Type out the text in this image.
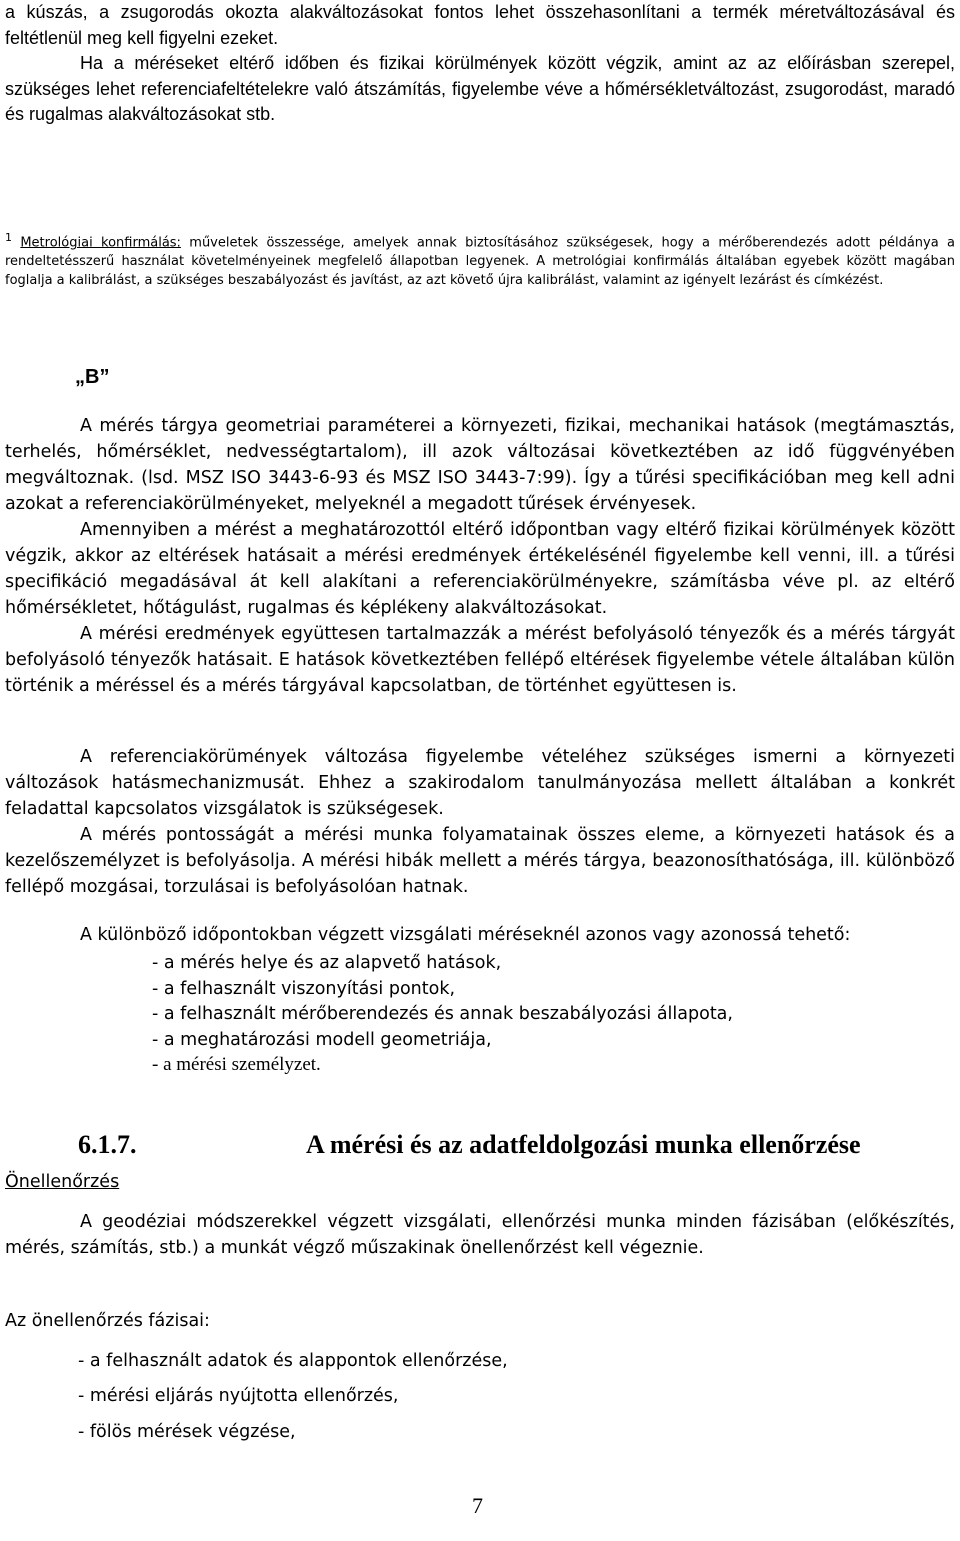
a kúszás, a zsugorodás okozta alakváltozásokat fontos lehet összehasonlítani a termék méretváltozásával és feltétlenül meg kell figyelni ezeket.

Ha a méréseket eltérő időben és fizikai körülmények között végzik, amint az az előírásban szerepel, szükséges lehet referenciafeltételekre való átszámítás, figyelembe véve a hőmérsékletváltozást, zsugorodást, maradó és rugalmas alakváltozásokat stb.

$^1$ Metrológiai konfirmálás: műveletek összessége, amelyek annak biztosításához szükségesek, hogy a mérőberendezés adott példánya a rendeltetésszerű használat követelményeinek megfelelő állapotban legyenek. A metrológiai konfirmálás általában egyebek között magában foglalja a kalibrálást, a szükséges beszabályozást és javítást, az azt követő újra kalibrálást, valamint az igényelt lezárást és címkézést.

„B”

A mérés tárgya geometriai paraméterei a környezeti, fizikai, mechanikai hatások (megtámasztás, terhelés, hőmérséklet, nedvességtartalom), ill azok változásai következtében az idő függvényében megváltoznak. (lsd. MSZ ISO 3443-6-93 és MSZ ISO 3443-7:99). Így a tűrési specifikációban meg kell adni azokat a referenciakörülményeket, melyeknél a megadott tűrések érvényesek.

Amennyiben a mérést a meghatározottól eltérő időpontban vagy eltérő fizikai körülmények között végzik, akkor az eltérések hatásait a mérési eredmények értékelésénél figyelembe kell venni, ill. a tűrési specifikáció megadásával át kell alakítani a referenciakörülményekre, számításba véve pl. az eltérő hőmérsékletet, hőtágulást, rugalmas és képlékeny alakváltozásokat.

A mérési eredmények együttesen tartalmazzák a mérést befolyásoló tényezők és a mérés tárgyát befolyásoló tényezők hatásait. E hatások következtében fellépő eltérések figyelembe vétele általában külön történik a méréssel és a mérés tárgyával kapcsolatban, de történhet együttesen is.

A referenciakörümények változása figyelembe vételéhez szükséges ismerni a környezeti változások hatásmechanizmusát. Ehhez a szakirodalom tanulmányozása mellett általában a konkrét feladattal kapcsolatos vizsgálatok is szükségesek.

A mérés pontosságát a mérési munka folyamatainak összes eleme, a környezeti hatások és a kezelőszemélyzet is befolyásolja. A mérési hibák mellett a mérés tárgya, beazonosíthatósága, ill. különböző fellépő mozgásai, torzulásai is befolyásolóan hatnak.

A különböző időpontokban végzett vizsgálati méréseknél azonos vagy azonossá tehető:

- a mérés helye és az alapvető hatások,
- a felhasznált viszonyítási pontok,
- a felhasznált mérőberendezés és annak beszabályozási állapota,
- a meghatározási modell geometriája,
- a mérési személyzet.
6.1.7.	A mérési és az adatfeldolgozási munka ellenőrzése
Önellenőrzés

A geodéziai módszerekkel végzett vizsgálati, ellenőrzési munka minden fázisában (előkészítés, mérés, számítás, stb.) a munkát végző műszakinak önellenőrzést kell végeznie.

Az önellenőrzés fázisai:
- a felhasznált adatok és alappontok ellenőrzése,
- mérési eljárás nyújtotta ellenőrzés,
- fölös mérések végzése,
7
